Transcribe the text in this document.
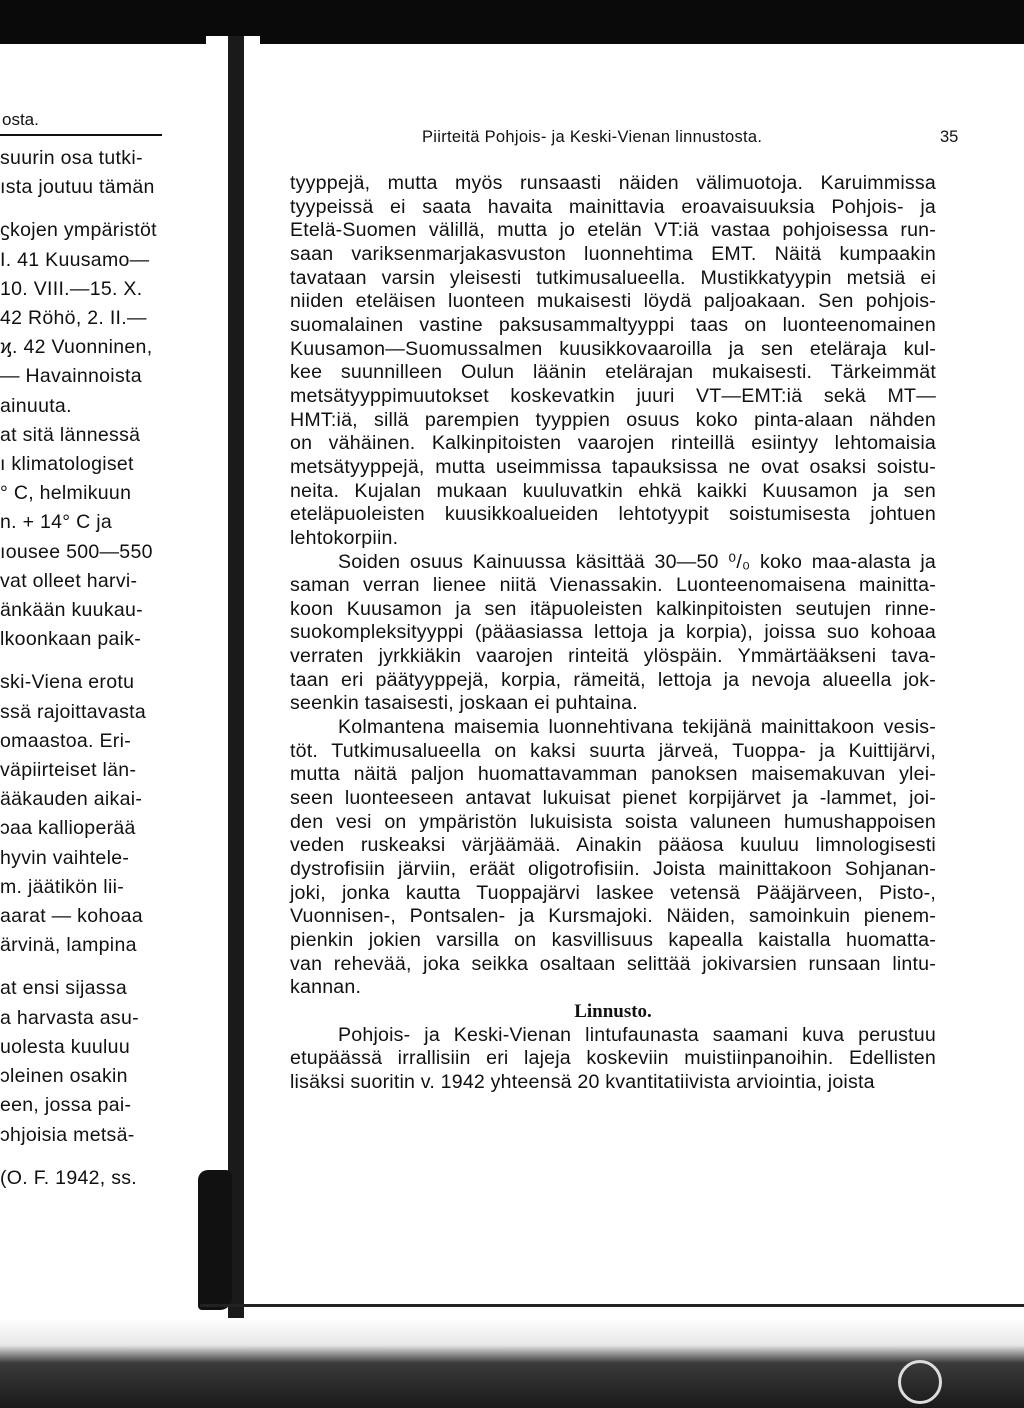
osta.
suurin osa tutki-
ısta joutuu tämän
ϛkojen ympäristöt
I. 41 Kuusamo—
10. VIII.—15. X.
42 Röhö, 2. II.—
ϗ. 42 Vuonninen,
— Havainnoista
ainuuta.
at sitä lännessä
ı klimatologiset
° C, helmikuun
n. + 14° C ja
ıousee 500—550
vat olleet harvi-
änkään kuukau-
lkoonkaan paik-
ski-Viena erotu
ssä rajoittavasta
omaastoa. Eri-
väpiirteiset län-
ääkauden aikai-
ɔaa kallioperää
hyvin vaihtele-
m. jäätikön lii-
aarat — kohoaa
ärvinä, lampina
at ensi sijassa
a harvasta asu-
uolesta kuuluu
ɔleinen osakin
een, jossa pai-
ɔhjoisia metsä-
(O. F. 1942, ss.
Piirteitä Pohjois- ja Keski-Vienan linnustosta.	35
tyyppejä, mutta myös runsaasti näiden välimuotoja. Karuimmissa
tyypeissä ei saata havaita mainittavia eroavaisuuksia Pohjois- ja
Etelä-Suomen välillä, mutta jo etelän VT:iä vastaa pohjoisessa run-
saan variksenmarjakasvuston luonnehtima EMT. Näitä kumpaakin
tavataan varsin yleisesti tutkimusalueella. Mustikkatyypin metsiä ei
niiden eteläisen luonteen mukaisesti löydä paljoakaan. Sen pohjois-
suomalainen vastine paksusammaltyyppi taas on luonteenomainen
Kuusamon—Suomussalmen kuusikkovaaroilla ja sen eteläraja kul-
kee suunnilleen Oulun läänin etelärajan mukaisesti. Tärkeimmät
metsätyyppimuutokset koskevatkin juuri VT—EMT:iä sekä MT—
HMT:iä, sillä parempien tyyppien osuus koko pinta-alaan nähden
on vähäinen. Kalkinpitoisten vaarojen rinteillä esiintyy lehtomaisia
metsätyyppejä, mutta useimmissa tapauksissa ne ovat osaksi soistu-
neita. Kujalan mukaan kuuluvatkin ehkä kaikki Kuusamon ja sen
eteläpuoleisten kuusikkoalueiden lehtotyypit soistumisesta johtuen
lehtokorpiin.
Soiden osuus Kainuussa käsittää 30—50 ⁰/₀ koko maa-alasta ja
saman verran lienee niitä Vienassakin. Luonteenomaisena mainitta-
koon Kuusamon ja sen itäpuoleisten kalkinpitoisten seutujen rinne-
suokompleksityyppi (pääasiassa lettoja ja korpia), joissa suo kohoaa
verraten jyrkkiäkin vaarojen rinteitä ylöspäin. Ymmärtääkseni tava-
taan eri päätyyppejä, korpia, rämeitä, lettoja ja nevoja alueella jok-
seenkin tasaisesti, joskaan ei puhtaina.
Kolmantena maisemia luonnehtivana tekijänä mainittakoon vesis-
töt. Tutkimusalueella on kaksi suurta järveä, Tuoppa- ja Kuittijärvi,
mutta näitä paljon huomattavamman panoksen maisemakuvan ylei-
seen luonteeseen antavat lukuisat pienet korpijärvet ja -lammet, joi-
den vesi on ympäristön lukuisista soista valuneen humushappoisen
veden ruskeaksi värjäämää. Ainakin pääosa kuuluu limnologisesti
dystrofisiin järviin, eräät oligotrofisiin. Joista mainittakoon Sohjanan-
joki, jonka kautta Tuoppajärvi laskee vetensä Pääjärveen, Pisto-,
Vuonnisen-, Pontsalen- ja Kursmajoki. Näiden, samoinkuin pienem-
pienkin jokien varsilla on kasvillisuus kapealla kaistalla huomatta-
van rehevää, joka seikka osaltaan selittää jokivarsien runsaan lintu-
kannan.
Linnusto.
Pohjois- ja Keski-Vienan lintufaunasta saamani kuva perustuu
etupäässä irrallisiin eri lajeja koskeviin muistiinpanoihin. Edellisten
lisäksi suoritin v. 1942 yhteensä 20 kvantitatiivista arviointia, joista
